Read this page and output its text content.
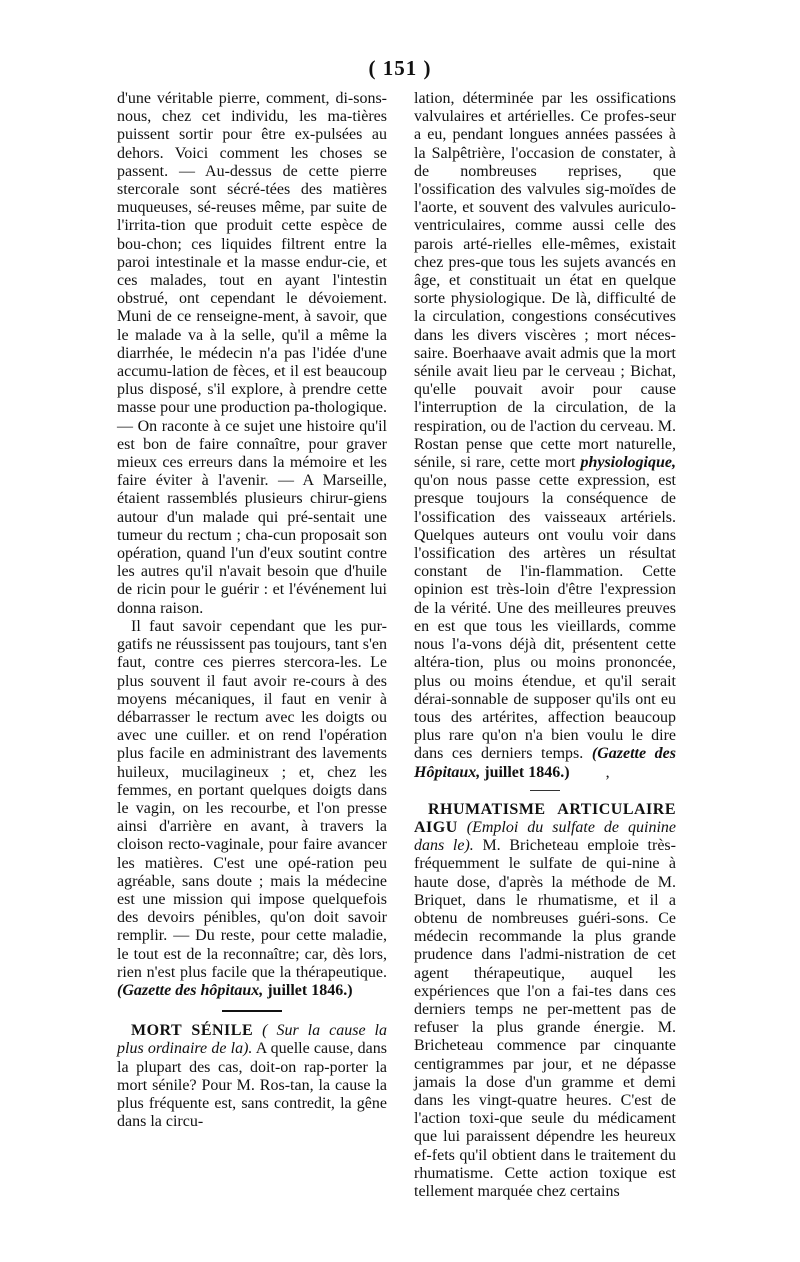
( 151 )

d'une véritable pierre, comment, di-sons-nous, chez cet individu, les ma-tières puissent sortir pour être ex-pulsées au dehors. Voici comment les choses se passent. — Au-dessus de cette pierre stercorale sont sécré-tées des matières muqueuses, sé-reuses même, par suite de l'irrita-tion que produit cette espèce de bou-chon; ces liquides filtrent entre la paroi intestinale et la masse endur-cie, et ces malades, tout en ayant l'intestin obstrué, ont cependant le dévoiement. Muni de ce renseigne-ment, à savoir, que le malade va à la selle, qu'il a même la diarrhée, le médecin n'a pas l'idée d'une accumu-lation de fèces, et il est beaucoup plus disposé, s'il explore, à prendre cette masse pour une production pa-thologique. — On raconte à ce sujet une histoire qu'il est bon de faire connaître, pour graver mieux ces erreurs dans la mémoire et les faire éviter à l'avenir. — A Marseille, étaient rassemblés plusieurs chirur-giens autour d'un malade qui pré-sentait une tumeur du rectum ; cha-cun proposait son opération, quand l'un d'eux soutint contre les autres qu'il n'avait besoin que d'huile de ricin pour le guérir : et l'événement lui donna raison.

Il faut savoir cependant que les pur-gatifs ne réussissent pas toujours, tant s'en faut, contre ces pierres stercora-les. Le plus souvent il faut avoir re-cours à des moyens mécaniques, il faut en venir à débarrasser le rectum avec les doigts ou avec une cuiller. et on rend l'opération plus facile en administrant des lavements huileux, mucilagineux ; et, chez les femmes, en portant quelques doigts dans le vagin, on les recourbe, et l'on presse ainsi d'arrière en avant, à travers la cloison recto-vaginale, pour faire avancer les matières. C'est une opé-ration peu agréable, sans doute ; mais la médecine est une mission qui impose quelquefois des devoirs pénibles, qu'on doit savoir remplir. — Du reste, pour cette maladie, le tout est de la reconnaître; car, dès lors, rien n'est plus facile que la thérapeutique. (Gazette des hôpitaux, juillet 1846.)

MORT SÉNILE ( Sur la cause la plus ordinaire de la). A quelle cause, dans la plupart des cas, doit-on rap-porter la mort sénile? Pour M. Ros-tan, la cause la plus fréquente est, sans contredit, la gêne dans la circu-

lation, déterminée par les ossifications valvulaires et artérielles. Ce profes-seur a eu, pendant longues années passées à la Salpêtrière, l'occasion de constater, à de nombreuses reprises, que l'ossification des valvules sig-moïdes de l'aorte, et souvent des valvules auriculo-ventriculaires, comme aussi celle des parois arté-rielles elle-mêmes, existait chez pres-que tous les sujets avancés en âge, et constituait un état en quelque sorte physiologique. De là, difficulté de la circulation, congestions consécutives dans les divers viscères ; mort néces-saire. Boerhaave avait admis que la mort sénile avait lieu par le cerveau ; Bichat, qu'elle pouvait avoir pour cause l'interruption de la circulation, de la respiration, ou de l'action du cerveau. M. Rostan pense que cette mort naturelle, sénile, si rare, cette mort physiologique, qu'on nous passe cette expression, est presque toujours la conséquence de l'ossification des vaisseaux artériels. Quelques auteurs ont voulu voir dans l'ossification des artères un résultat constant de l'in-flammation. Cette opinion est très-loin d'être l'expression de la vérité. Une des meilleures preuves en est que tous les vieillards, comme nous l'a-vons déjà dit, présentent cette altéra-tion, plus ou moins prononcée, plus ou moins étendue, et qu'il serait dérai-sonnable de supposer qu'ils ont eu tous des artérites, affection beaucoup plus rare qu'on n'a bien voulu le dire dans ces derniers temps. (Gazette des Hôpitaux, juillet 1846.) ,

RHUMATISME ARTICULAIRE AIGU (Emploi du sulfate de quinine dans le). M. Bricheteau emploie très-fréquemment le sulfate de qui-nine à haute dose, d'après la méthode de M. Briquet, dans le rhumatisme, et il a obtenu de nombreuses guéri-sons. Ce médecin recommande la plus grande prudence dans l'admi-nistration de cet agent thérapeutique, auquel les expériences que l'on a fai-tes dans ces derniers temps ne per-mettent pas de refuser la plus grande énergie. M. Bricheteau commence par cinquante centigrammes par jour, et ne dépasse jamais la dose d'un gramme et demi dans les vingt-quatre heures. C'est de l'action toxi-que seule du médicament que lui paraissent dépendre les heureux ef-fets qu'il obtient dans le traitement du rhumatisme. Cette action toxique est tellement marquée chez certains
